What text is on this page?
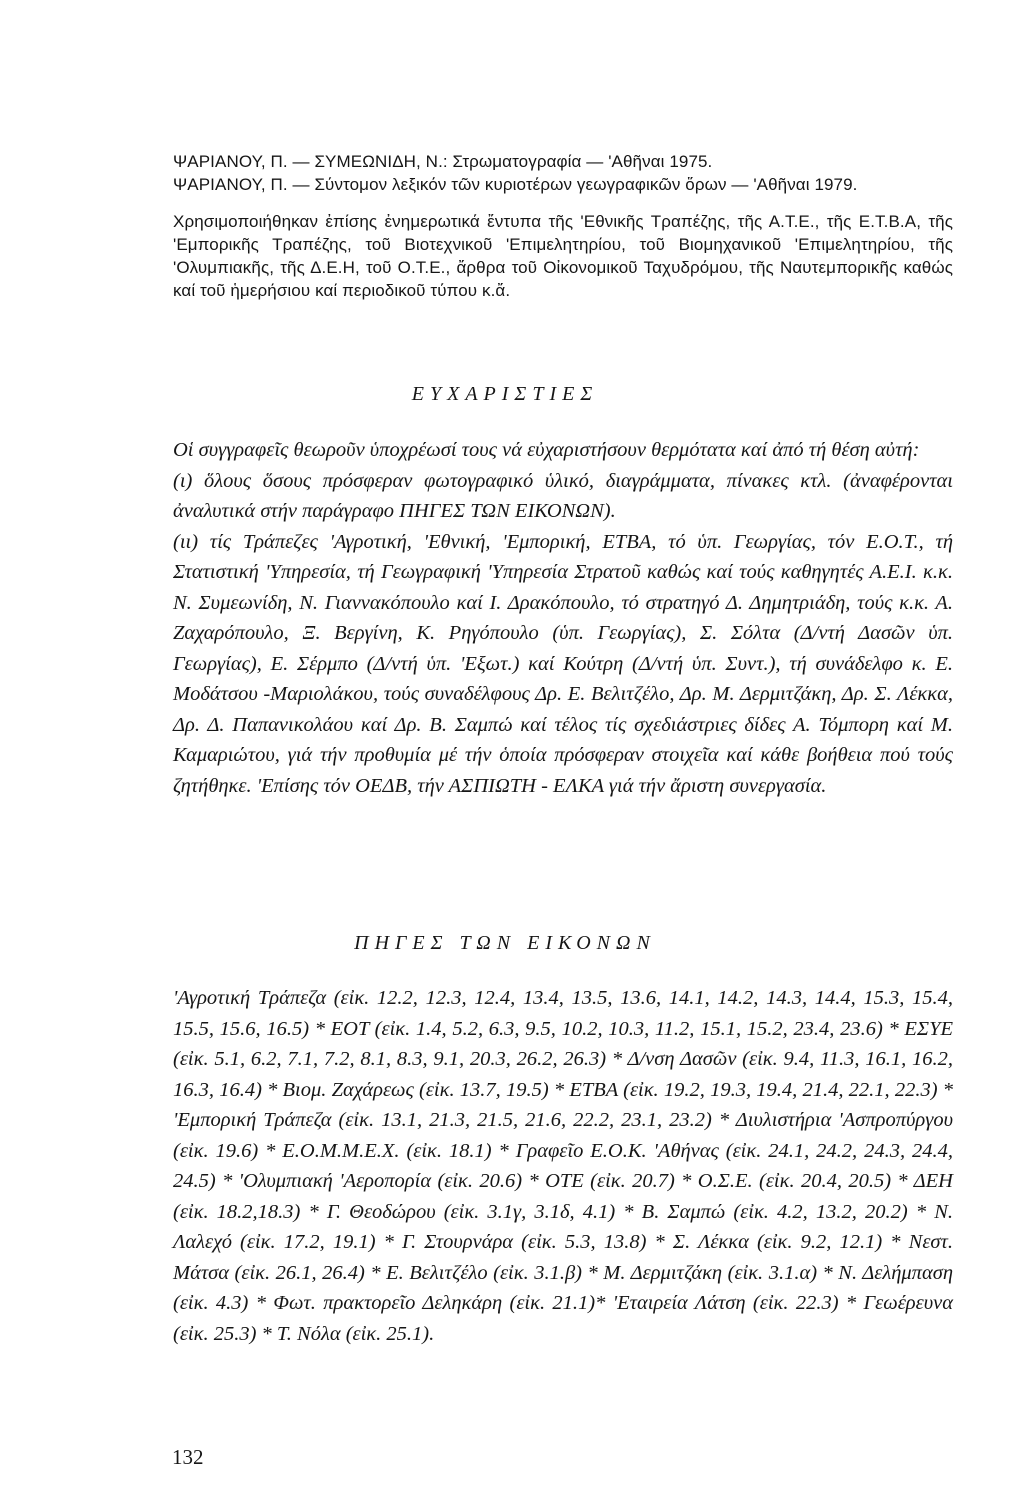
ΨΑΡΙΑΝΟΥ, Π. — ΣΥΜΕΩΝΙΔΗ, Ν.: Στρωματογραφία — 'Αθῆναι 1975.

ΨΑΡΙΑΝΟΥ, Π. — Σύντομον λεξικόν τῶν κυριοτέρων γεωγραφικῶν ὅρων — 'Αθῆναι 1979.

Χρησιμοποιήθηκαν ἐπίσης ἐνημερωτικά ἔντυπα τῆς 'Εθνικῆς Τραπέζης, τῆς Α.Τ.Ε., τῆς Ε.Τ.Β.Α, τῆς 'Εμπορικῆς Τραπέζης, τοῦ Βιοτεχνικοῦ 'Επιμελητηρίου, τοῦ Βιομηχανικοῦ 'Επιμελητηρίου, τῆς 'Ολυμπιακῆς, τῆς Δ.Ε.Η, τοῦ Ο.Τ.Ε., ἄρθρα τοῦ Οἰκονομικοῦ Ταχυδρόμου, τῆς Ναυτεμπορικῆς καθώς καί τοῦ ἡμερήσιου καί περιοδικοῦ τύπου κ.ἄ.

ΕΥΧΑΡΙΣΤΙΕΣ

Οἱ συγγραφεῖς θεωροῦν ὑποχρέωσί τους νά εὐχαριστήσουν θερμότατα καί ἀπό τή θέση αὐτή:

(ι) ὅλους ὅσους πρόσφεραν φωτογραφικό ὑλικό, διαγράμματα, πίνακες κτλ. (ἀναφέρονται ἀναλυτικά στήν παράγραφο ΠΗΓΕΣ ΤΩΝ ΕΙΚΟΝΩΝ).

(ιι) τίς Τράπεζες 'Αγροτική, 'Εθνική, 'Εμπορική, ΕΤΒΑ, τό ὑπ. Γεωργίας, τόν Ε.Ο.Τ., τή Στατιστική 'Υπηρεσία, τή Γεωγραφική 'Υπηρεσία Στρατοῦ καθώς καί τούς καθηγητές Α.Ε.Ι. κ.κ. Ν. Συμεωνίδη, Ν. Γιαννακόπουλο καί Ι. Δρακόπουλο, τό στρατηγό Δ. Δημητριάδη, τούς κ.κ. Α. Ζαχαρόπουλο, Ξ. Βεργίνη, Κ. Ρηγόπουλο (ὑπ. Γεωργίας), Σ. Σόλτα (Δ/ντή Δασῶν ὑπ. Γεωργίας), Ε. Σέρμπο (Δ/ντή ὑπ. 'Εξωτ.) καί Κούτρη (Δ/ντή ὑπ. Συντ.), τή συνάδελφο κ. Ε. Μοδάτσου -Μαριολάκου, τούς συναδέλφους Δρ. Ε. Βελιτζέλο, Δρ. Μ. Δερμιτζάκη, Δρ. Σ. Λέκκα, Δρ. Δ. Παπανικολάου καί Δρ. Β. Σαμπώ καί τέλος τίς σχεδιάστριες δίδες Α. Τόμπορη καί Μ. Καμαριώτου, γιά τήν προθυμία μέ τήν ὁποία πρόσφεραν στοιχεῖα καί κάθε βοήθεια πού τούς ζητήθηκε. 'Επίσης τόν ΟΕΔΒ, τήν ΑΣΠΙΩΤΗ - ΕΛΚΑ γιά τήν ἄριστη συνεργασία.

ΠΗΓΕΣ ΤΩΝ ΕΙΚΟΝΩΝ

'Αγροτική Τράπεζα (εἰκ. 12.2, 12.3, 12.4, 13.4, 13.5, 13.6, 14.1, 14.2, 14.3, 14.4, 15.3, 15.4, 15.5, 15.6, 16.5) * ΕΟΤ (εἰκ. 1.4, 5.2, 6.3, 9.5, 10.2, 10.3, 11.2, 15.1, 15.2, 23.4, 23.6) * ΕΣΥΕ (εἰκ. 5.1, 6.2, 7.1, 7.2, 8.1, 8.3, 9.1, 20.3, 26.2, 26.3) * Δ/νση Δασῶν (εἰκ. 9.4, 11.3, 16.1, 16.2, 16.3, 16.4) * Βιομ. Ζαχάρεως (εἰκ. 13.7, 19.5) * ΕΤΒΑ (εἰκ. 19.2, 19.3, 19.4, 21.4, 22.1, 22.3) * 'Εμπορική Τράπεζα (εἰκ. 13.1, 21.3, 21.5, 21.6, 22.2, 23.1, 23.2) * Διυλιστήρια 'Ασπροπύργου (εἰκ. 19.6) * Ε.Ο.Μ.Μ.Ε.Χ. (εἰκ. 18.1) * Γραφεῖο Ε.Ο.Κ. 'Αθήνας (εἰκ. 24.1, 24.2, 24.3, 24.4, 24.5) * 'Ολυμπιακή 'Αεροπορία (εἰκ. 20.6) * ΟΤΕ (εἰκ. 20.7) * Ο.Σ.Ε. (εἰκ. 20.4, 20.5) * ΔΕΗ (εἰκ. 18.2,18.3) * Γ. Θεοδώρου (εἰκ. 3.1γ, 3.1δ, 4.1) * Β. Σαμπώ (εἰκ. 4.2, 13.2, 20.2) * Ν. Λαλεχό (εἰκ. 17.2, 19.1) * Γ. Στουρνάρα (εἰκ. 5.3, 13.8) * Σ. Λέκκα (εἰκ. 9.2, 12.1) * Νεστ. Μάτσα (εἰκ. 26.1, 26.4) * Ε. Βελιτζέλο (εἰκ. 3.1.β) * Μ. Δερμιτζάκη (εἰκ. 3.1.α) * Ν. Δελήμπαση (εἰκ. 4.3) * Φωτ. πρακτορεῖο Δεληκάρη (εἰκ. 21.1)* 'Εταιρεία Λάτση (εἰκ. 22.3) * Γεωέρευνα (εἰκ. 25.3) * Τ. Νόλα (εἰκ. 25.1).

132
